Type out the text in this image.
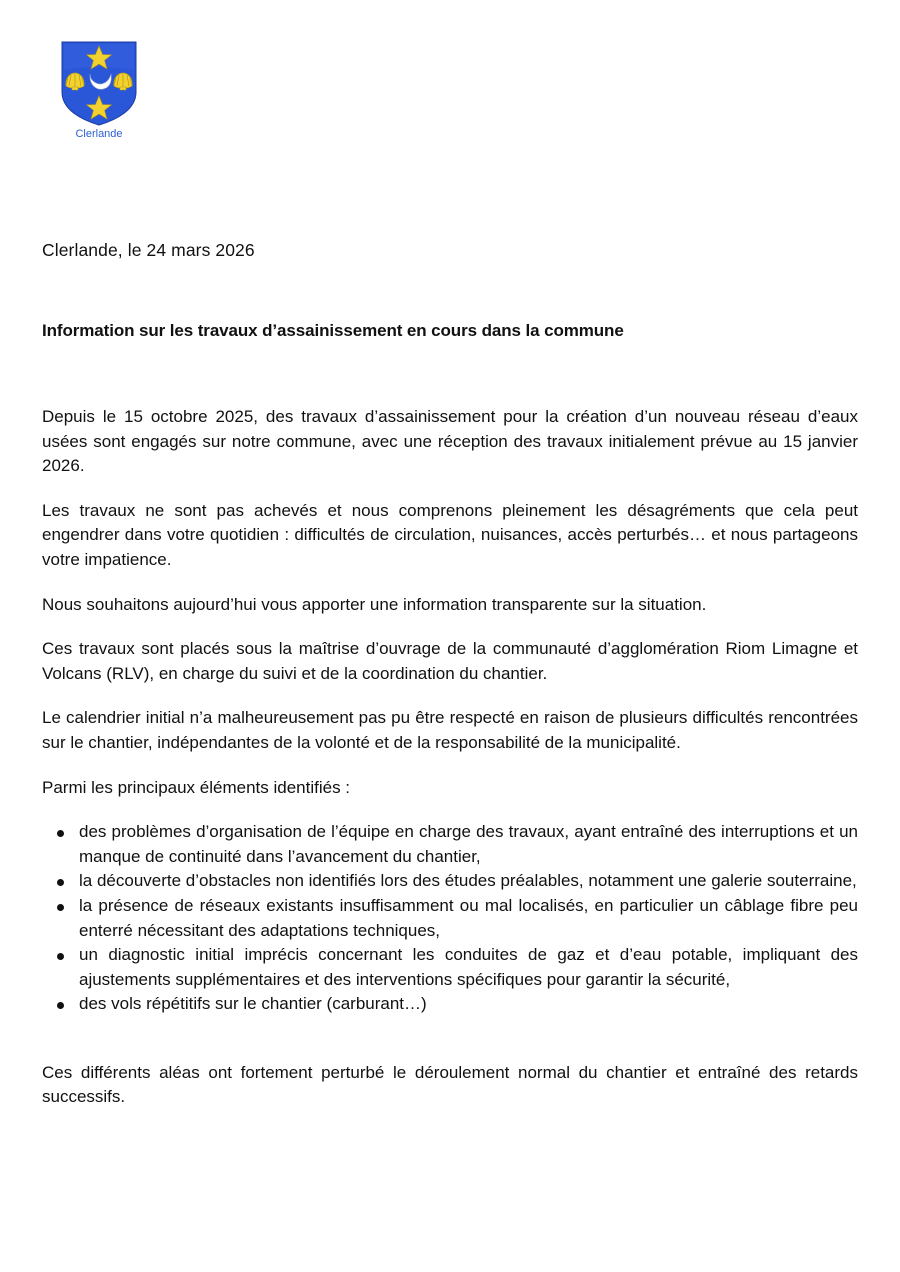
Clerlande
Clerlande, le 24 mars 2026
Information sur les travaux d’assainissement en cours dans la commune

Depuis le 15 octobre 2025, des travaux d’assainissement pour la création d’un nouveau réseau d’eaux usées sont engagés sur notre commune, avec une réception des travaux initialement prévue au 15 janvier 2026.

Les travaux ne sont pas achevés et nous comprenons pleinement les désagréments que cela peut engendrer dans votre quotidien : difficultés de circulation, nuisances, accès perturbés… et nous partageons votre impatience.

Nous souhaitons aujourd’hui vous apporter une information transparente sur la situation.

Ces travaux sont placés sous la maîtrise d’ouvrage de la communauté d’agglomération Riom Limagne et Volcans (RLV), en charge du suivi et de la coordination du chantier.

Le calendrier initial n’a malheureusement pas pu être respecté en raison de plusieurs difficultés rencontrées sur le chantier, indépendantes de la volonté et de la responsabilité de la municipalité.

Parmi les principaux éléments identifiés :

des problèmes d’organisation de l’équipe en charge des travaux, ayant entraîné des interruptions et un manque de continuité dans l’avancement du chantier,
la découverte d’obstacles non identifiés lors des études préalables, notamment une galerie souterraine,
la présence de réseaux existants insuffisamment ou mal localisés, en particulier un câblage fibre peu enterré nécessitant des adaptations techniques,
un diagnostic initial imprécis concernant les conduites de gaz et d’eau potable, impliquant des ajustements supplémentaires et des interventions spécifiques pour garantir la sécurité,
des vols répétitifs sur le chantier (carburant…)

Ces différents aléas ont fortement perturbé le déroulement normal du chantier et entraîné des retards successifs.
